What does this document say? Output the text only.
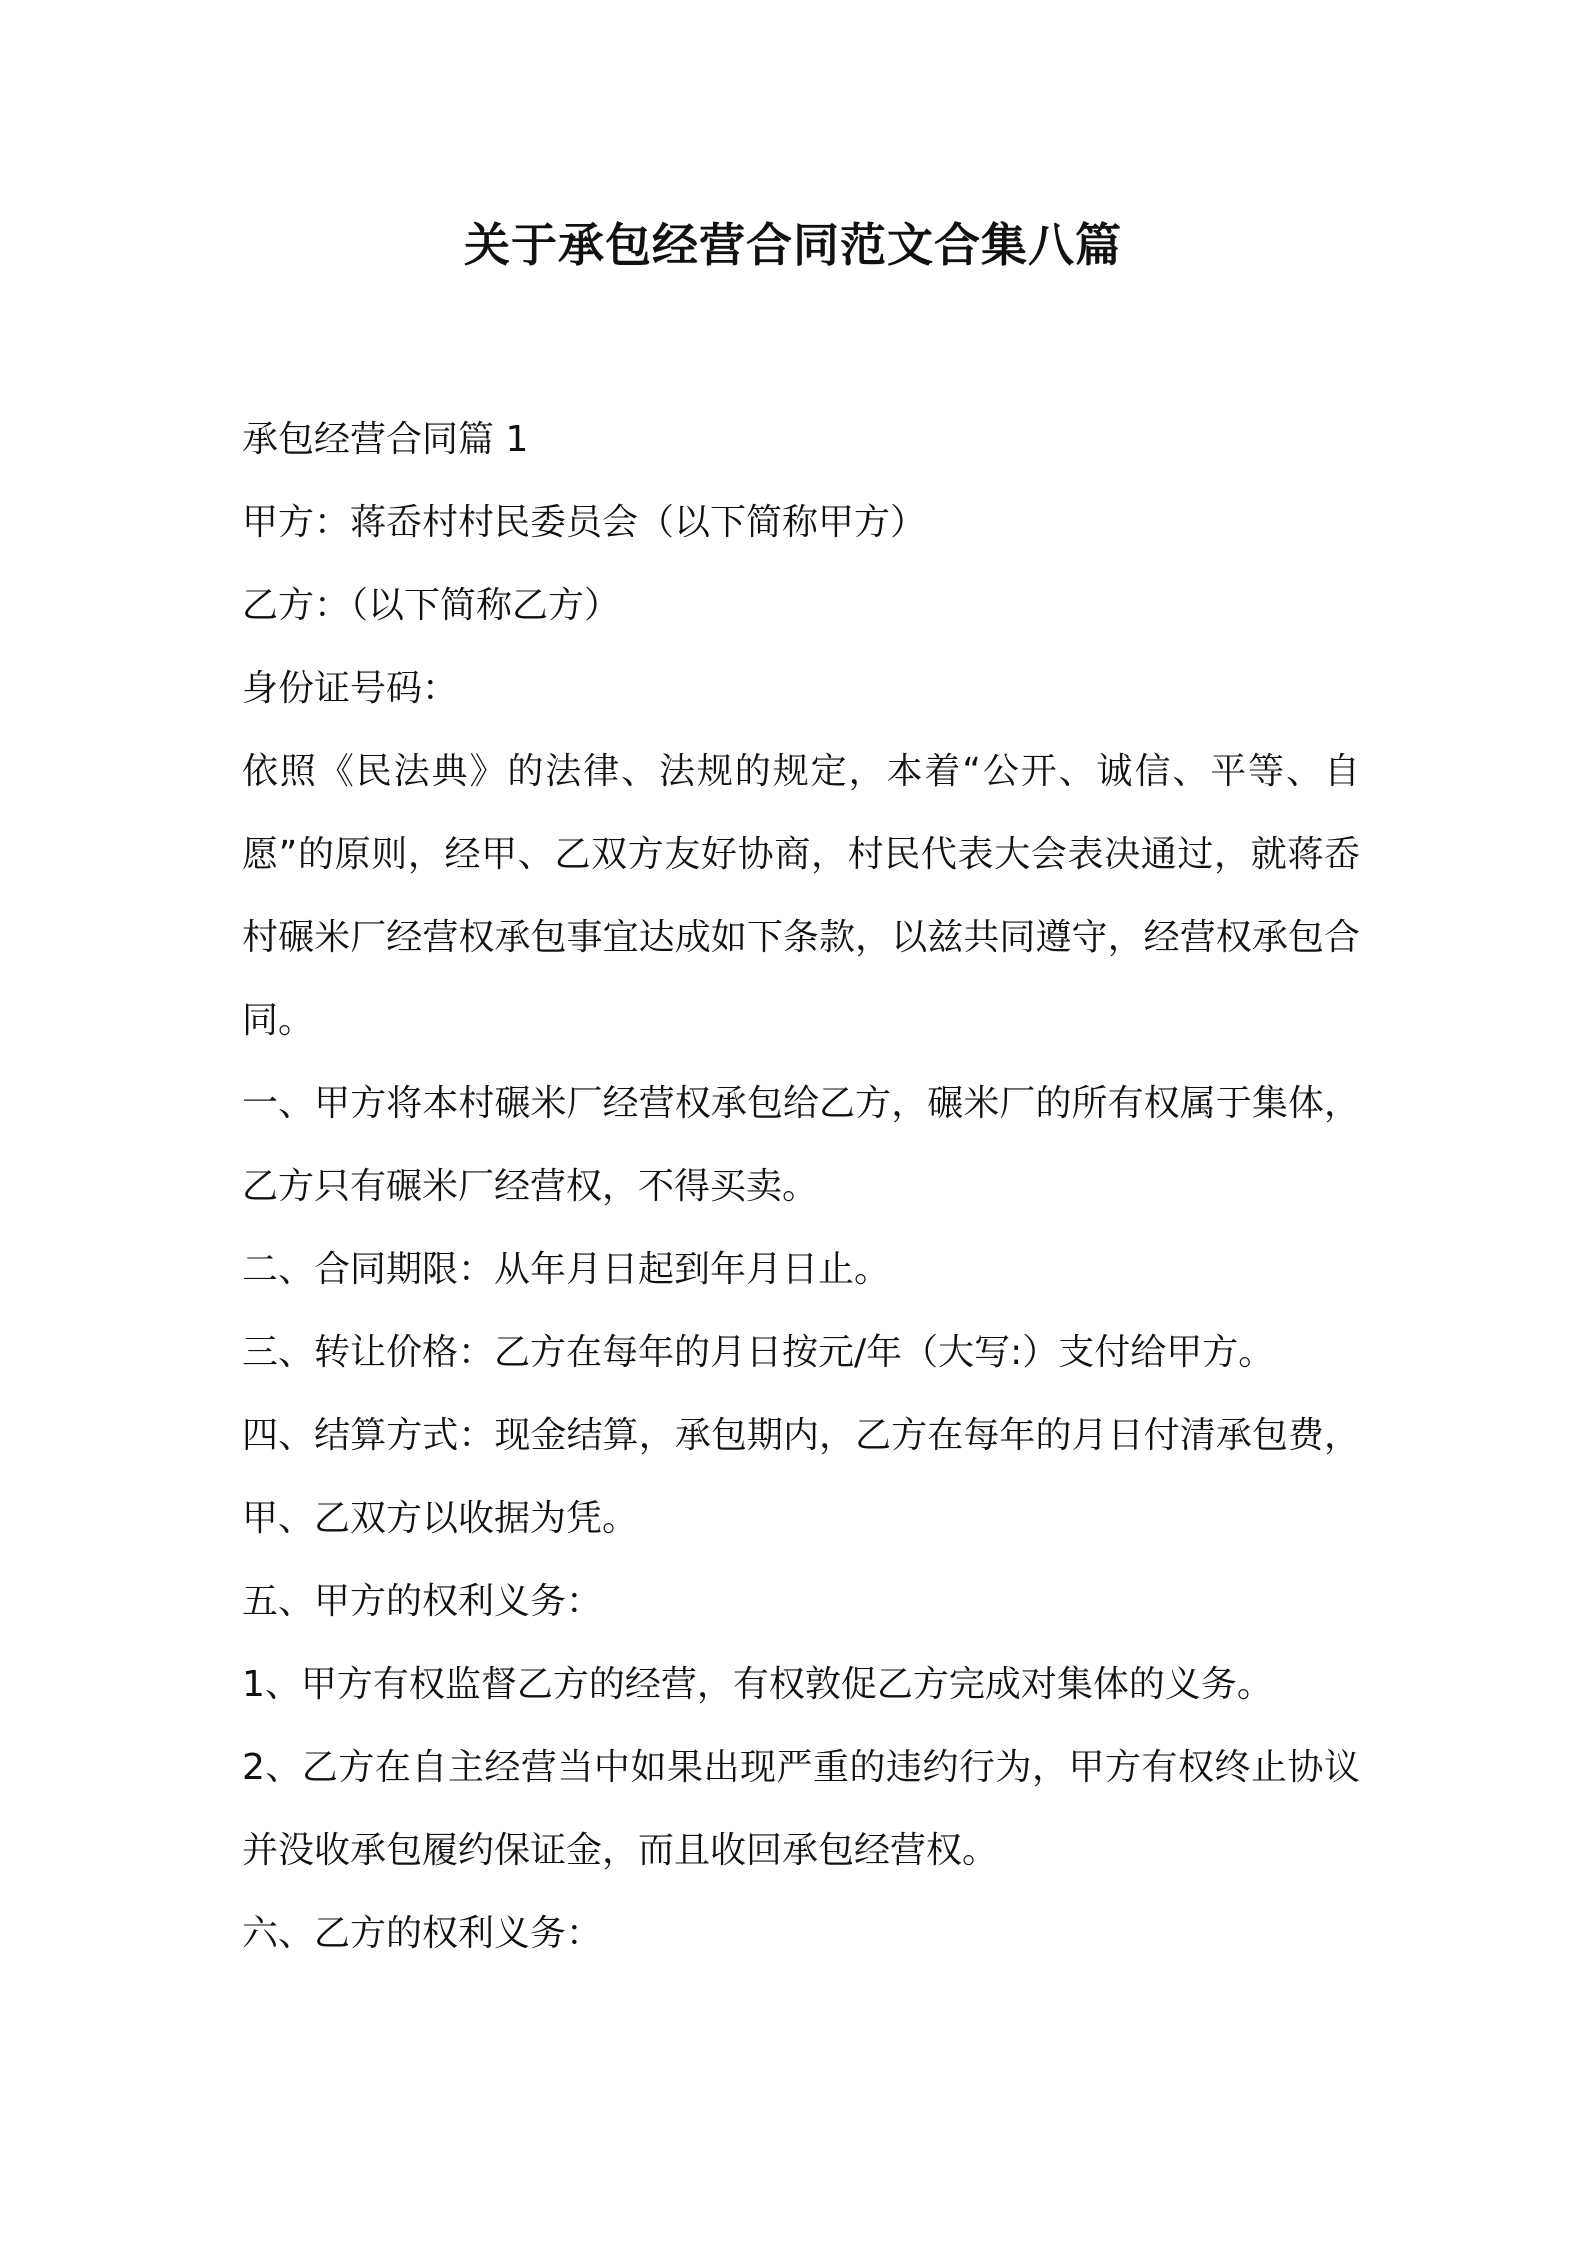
关于承包经营合同范文合集八篇

承包经营合同篇 1

甲方：蒋岙村村民委员会（以下简称甲方）

乙方：（以下简称乙方）

身份证号码：

依照《民法典》的法律、法规的规定，本着“公开、诚信、平等、自愿”的原则，经甲、乙双方友好协商，村民代表大会表决通过，就蒋岙村碾米厂经营权承包事宜达成如下条款，以兹共同遵守，经营权承包合同。

一、甲方将本村碾米厂经营权承包给乙方，碾米厂的所有权属于集体，乙方只有碾米厂经营权，不得买卖。

二、合同期限：从年月日起到年月日止。

三、转让价格：乙方在每年的月日按元/年（大写:）支付给甲方。

四、结算方式：现金结算，承包期内，乙方在每年的月日付清承包费，甲、乙双方以收据为凭。

五、甲方的权利义务：

1、甲方有权监督乙方的经营，有权敦促乙方完成对集体的义务。

2、乙方在自主经营当中如果出现严重的违约行为，甲方有权终止协议并没收承包履约保证金，而且收回承包经营权。

六、乙方的权利义务：
